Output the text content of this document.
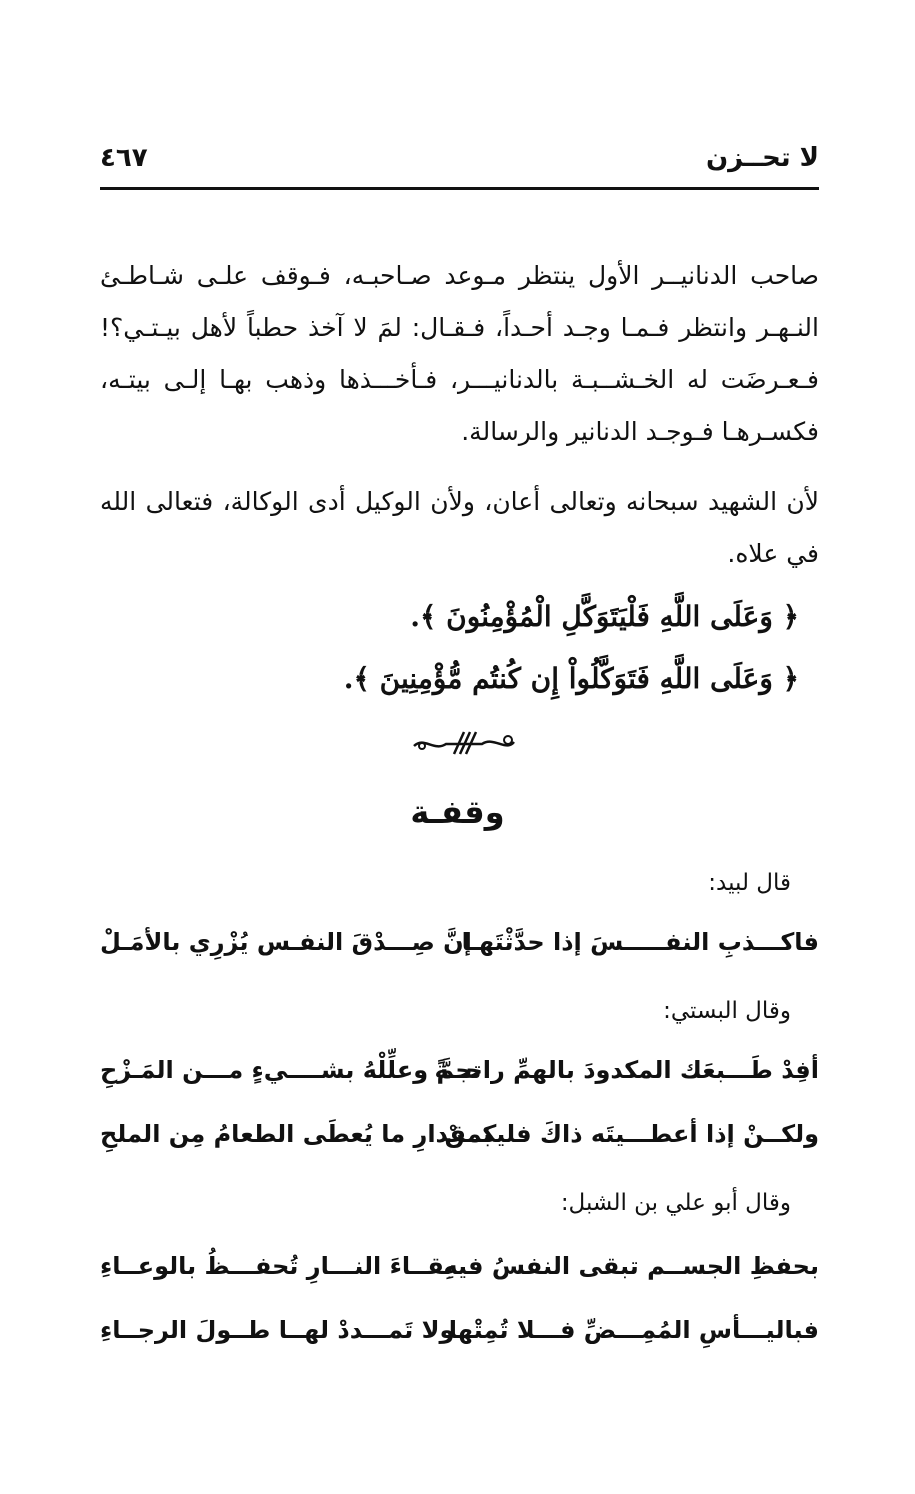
لا تحــزن
٤٦٧
صاحب الدنانيــر الأول ينتظر مـوعد صـاحبـه، فـوقف علـى شـاطـئ النـهـر وانتظر فـمـا وجـد أحـداً، فـقـال: لمَ لا آخذ حطباً لأهل بيـتـي؟! فـعـرضَت له الخـشــبـة بالدنانيـــر، فـأخـــذها وذهب بهـا إلـى بيتـه، فكسـرهـا فـوجـد الدنانير والرسالة.
لأن الشهيد سبحانه وتعالى أعان، ولأن الوكيل أدى الوكالة، فتعالى الله في علاه.
﴿ وَعَلَى اللَّهِ فَلْيَتَوَكَّلِ الْمُؤْمِنُونَ ﴾.
﴿ وَعَلَى اللَّهِ فَتَوَكَّلُواْ إِن كُنتُم مُّؤْمِنِينَ ﴾.
وقفـة
قال لبيد:
فاكـــذبِ النفـــــسَ إذا حدَّثْتَهـا
إنَّ صِـــدْقَ النفـس يُزْرِي بالأمَـلْ
وقال البستي:
أفِدْ طَـــبعَك المكدودَ بالهمِّ راحــةً
تجمَّ وعلِّلْهُ بشــــيءٍ مـــن المَـزْحِ
ولكــنْ إذا أعطـــيتَه ذاكَ فليكــنْ
بمقدارِ ما يُعطَى الطعامُ مِن الملحِ
وقال أبو علي بن الشبل:
بحفظِ الجســم تبقى النفسُ فيهِ
بقــاءَ النـــارِ تُحفـــظُ بالوعــاءِ
فباليـــأسِ المُمِـــضِّ فـــلا تُمِتْها
ولا تَمـــددْ لهــا طــولَ الرجــاءِ
